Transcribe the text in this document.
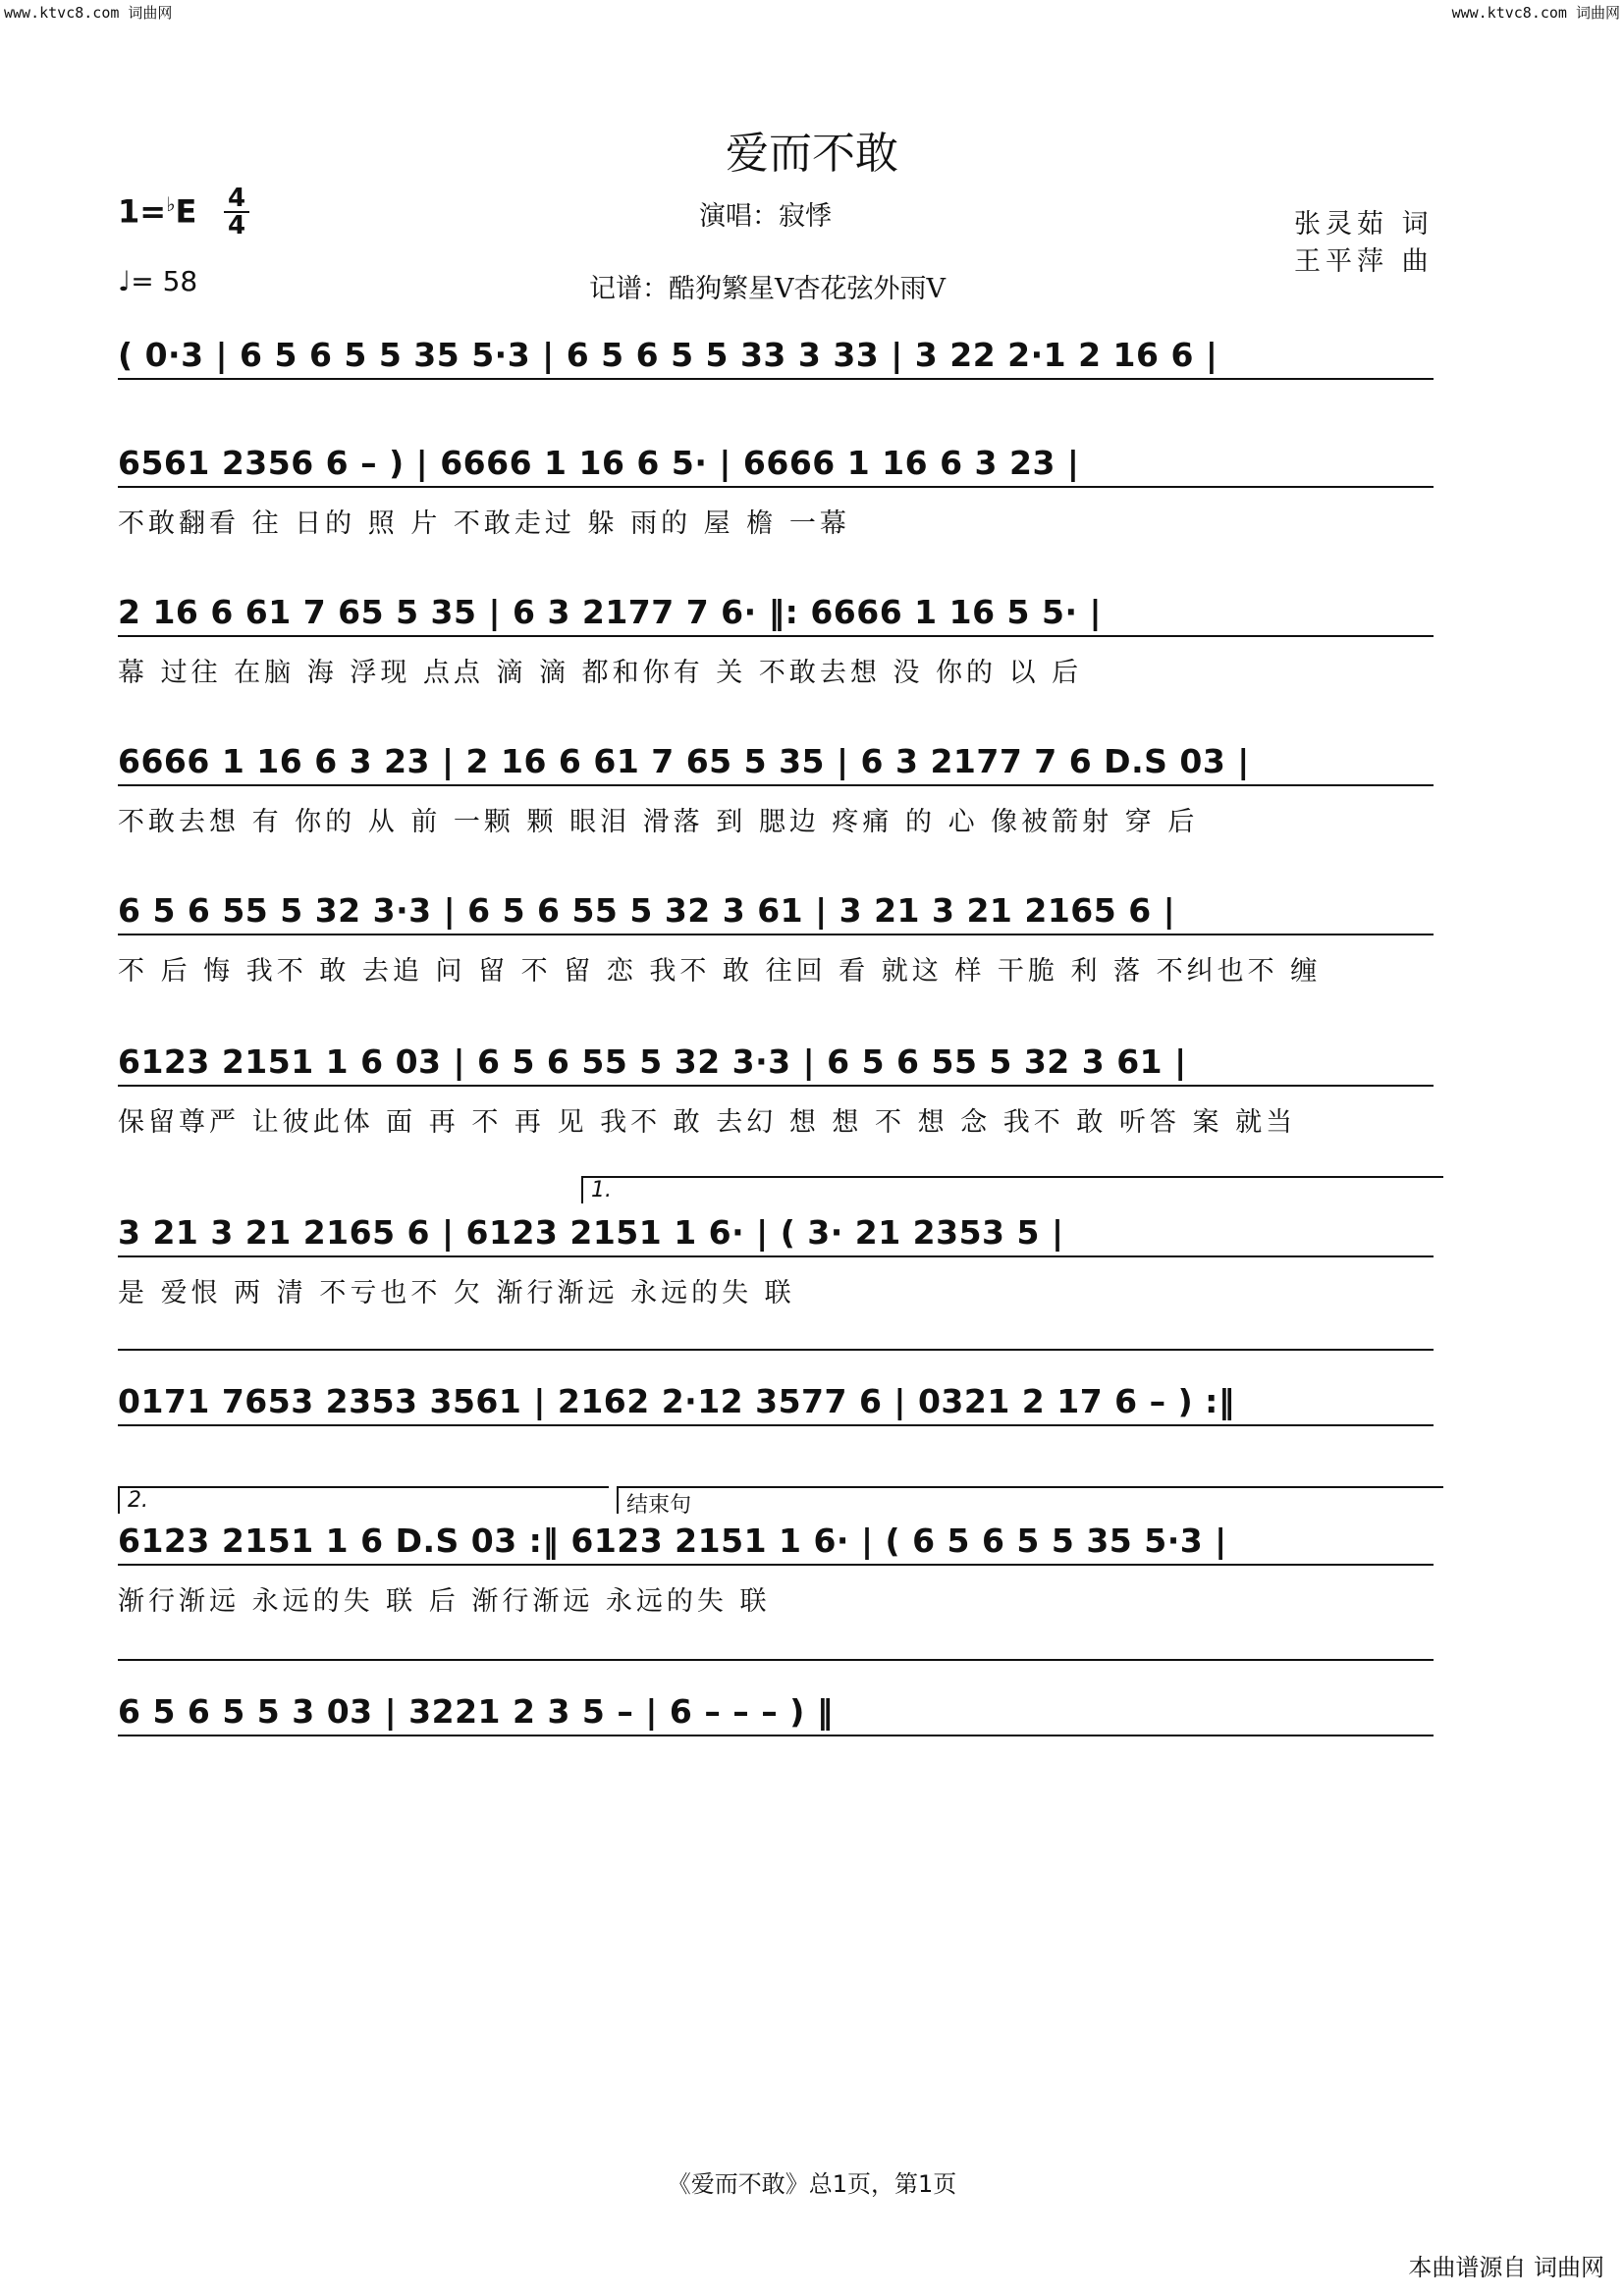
www.ktvc8.com 词曲网	www.ktvc8.com 词曲网
爱而不敢
1=♭E 4
4
♩= 58
演唱：寂悸
记谱：酷狗繁星V杏花弦外雨V
张灵茹 词
王平萍 曲
( 0·3 | 6 5 6 5 5 35 5·3 | 6 5 6 5 5 33 3 33 | 3 22 2·1 2 16 6 |
6561 2356 6 – ) | 6666 1 16 6 5· | 6666 1 16 6 3 23 |
不敢翻看 往 日的 照 片 不敢走过 躲 雨的 屋 檐 一幕
2 16 6 61 7 65 5 35 | 6 3 2177 7 6· ‖: 6666 1 16 5 5· |
幕 过往 在脑 海 浮现 点点 滴 滴 都和你有 关 不敢去想 没 你的 以 后
6666 1 16 6 3 23 | 2 16 6 61 7 65 5 35 | 6 3 2177 7 6 D.S 03 |
不敢去想 有 你的 从 前 一颗 颗 眼泪 滑落 到 腮边 疼痛 的 心 像被箭射 穿 后
6 5 6 55 5 32 3·3 | 6 5 6 55 5 32 3 61 | 3 21 3 21 2165 6 |
不 后 悔 我不 敢 去追 问 留 不 留 恋 我不 敢 往回 看 就这 样 干脆 利 落 不纠也不 缠
6123 2151 1 6 03 | 6 5 6 55 5 32 3·3 | 6 5 6 55 5 32 3 61 |
保留尊严 让彼此体 面 再 不 再 见 我不 敢 去幻 想 想 不 想 念 我不 敢 听答 案 就当
1.
3 21 3 21 2165 6 | 6123 2151 1 6· | ( 3· 21 2353 5 |
是 爱恨 两 清 不亏也不 欠 渐行渐远 永远的失 联
0171 7653 2353 3561 | 2162 2·12 3577 6 | 0321 2 17 6 – ) :‖
2.	结束句
6123 2151 1 6 D.S 03 :‖ 6123 2151 1 6· | ( 6 5 6 5 5 35 5·3 |
渐行渐远 永远的失 联 后 渐行渐远 永远的失 联
6 5 6 5 5 3 03 | 3221 2 3 5 – | 6 – – – ) ‖
《爱而不敢》总1页，第1页
本曲谱源自 词曲网
